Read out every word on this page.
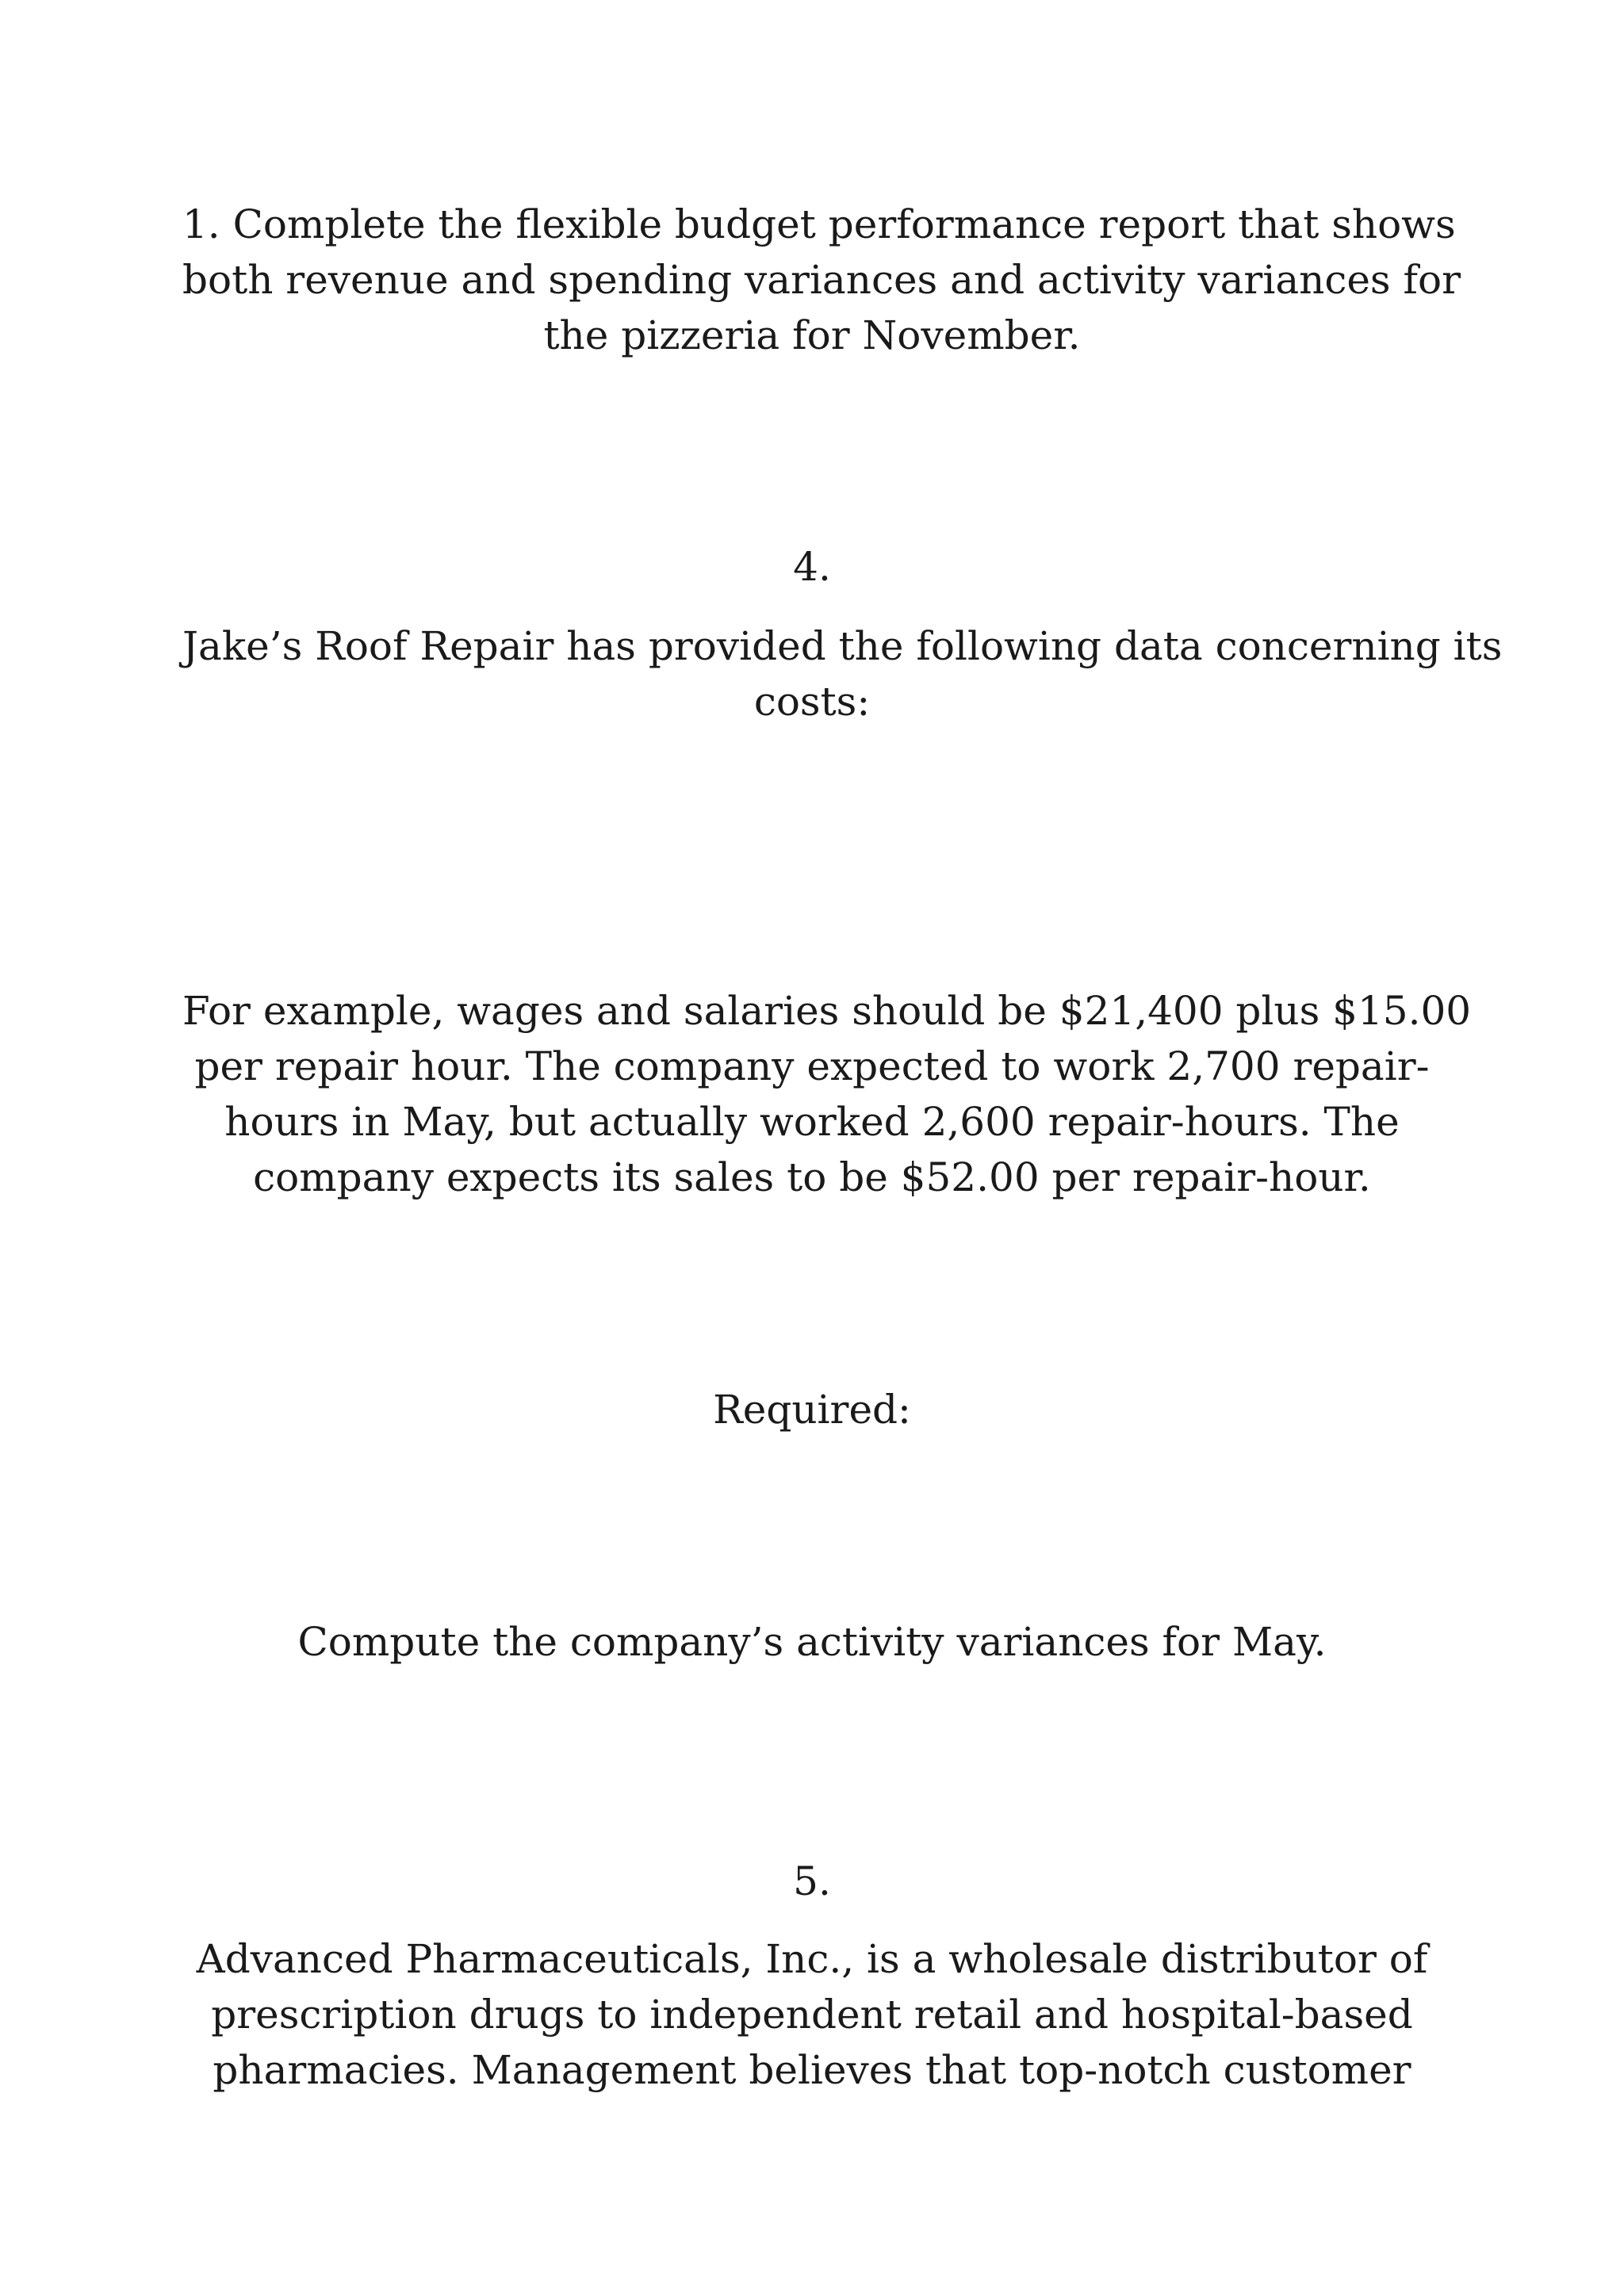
1. Complete the flexible budget performance report that shows
both revenue and spending variances and activity variances for
the pizzeria for November.

4.

Jake’s Roof Repair has provided the following data concerning its
costs:

For example, wages and salaries should be $21,400 plus $15.00
per repair hour. The company expected to work 2,700 repair-
hours in May, but actually worked 2,600 repair-hours. The
company expects its sales to be $52.00 per repair-hour.

Required:

Compute the company’s activity variances for May.

5.

Advanced Pharmaceuticals, Inc., is a wholesale distributor of
prescription drugs to independent retail and hospital-based
pharmacies. Management believes that top-notch customer
